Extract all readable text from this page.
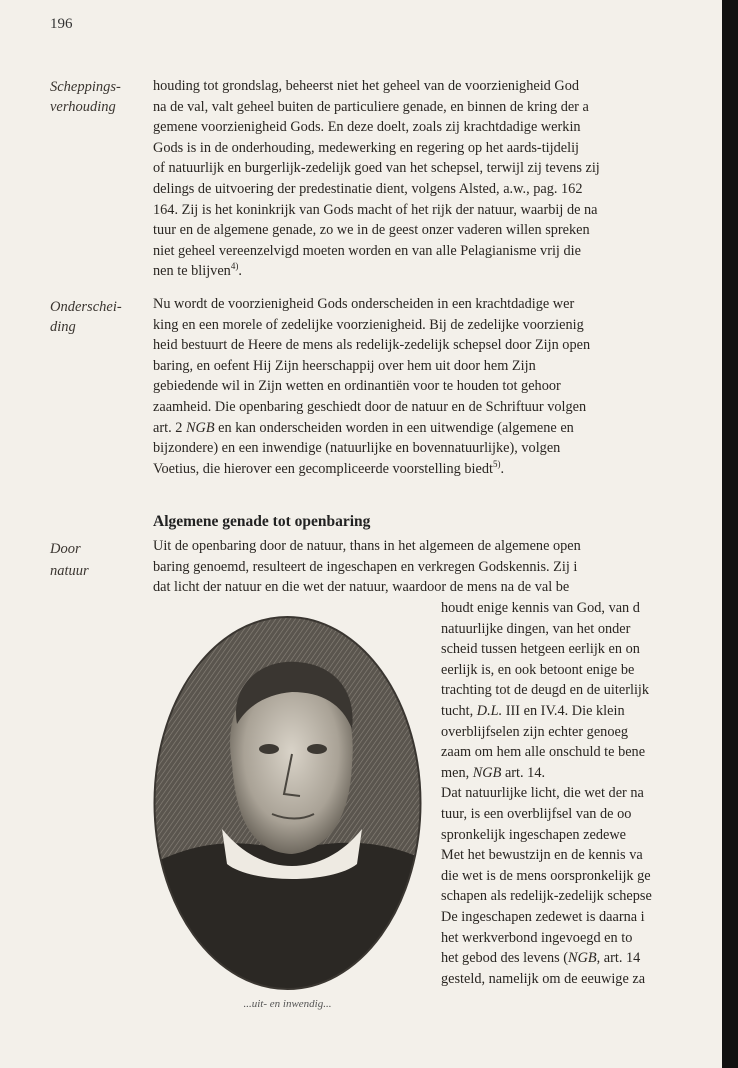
196
Scheppings-
verhouding
Onderschei-
ding
Door
natuur
houding tot grondslag, beheerst niet het geheel van de voorzienigheid God
na de val, valt geheel buiten de particuliere genade, en binnen de kring der a
gemene voorzienigheid Gods. En deze doelt, zoals zij krachtdadige werkin
Gods is in de onderhouding, medewerking en regering op het aards-tijdelij
of natuurlijk en burgerlijk-zedelijk goed van het schepsel, terwijl zij tevens zij
delings de uitvoering der predestinatie dient, volgens Alsted, a.w., pag. 162
164. Zij is het koninkrijk van Gods macht of het rijk der natuur, waarbij de na
tuur en de algemene genade, zo we in de geest onzer vaderen willen spreken
niet geheel vereenzelvigd moeten worden en van alle Pelagianisme vrij die
nen te blijven$^{4)}$.
Nu wordt de voorzienigheid Gods onderscheiden in een krachtdadige wer
king en een morele of zedelijke voorzienigheid. Bij de zedelijke voorzienig
heid bestuurt de Heere de mens als redelijk-zedelijk schepsel door Zijn open
baring, en oefent Hij Zijn heerschappij over hem uit door hem Zijn
gebiedende wil in Zijn wetten en ordinantiën voor te houden tot gehoor
zaamheid. Die openbaring geschiedt door de natuur en de Schriftuur volgen
art. 2 NGB en kan onderscheiden worden in een uitwendige (algemene en
bijzondere) en een inwendige (natuurlijke en bovennatuurlijke), volgen
Voetius, die hierover een gecompliceerde voorstelling biedt$^{5)}$.
Algemene genade tot openbaring
Uit de openbaring door de natuur, thans in het algemeen de algemene open
baring genoemd, resulteert de ingeschapen en verkregen Godskennis. Zij i
dat licht der natuur en die wet der natuur, waardoor de mens na de val be
houdt enige kennis van God, van d
natuurlijke dingen, van het onder
scheid tussen hetgeen eerlijk en on
eerlijk is, en ook betoont enige be
trachting tot de deugd en de uiterlijk
tucht, D.L. III en IV.4. Die klein
overblijfselen zijn echter genoeg
zaam om hem alle onschuld te bene
men, NGB art. 14.
Dat natuurlijke licht, die wet der na
tuur, is een overblijfsel van de oo
spronkelijk ingeschapen zedewe
Met het bewustzijn en de kennis va
die wet is de mens oorspronkelijk ge
schapen als redelijk-zedelijk schepse
De ingeschapen zedewet is daarna i
het werkverbond ingevoegd en to
het gebod des levens (NGB, art. 14
gesteld, namelijk om de eeuwige za
...uit- en inwendig...
